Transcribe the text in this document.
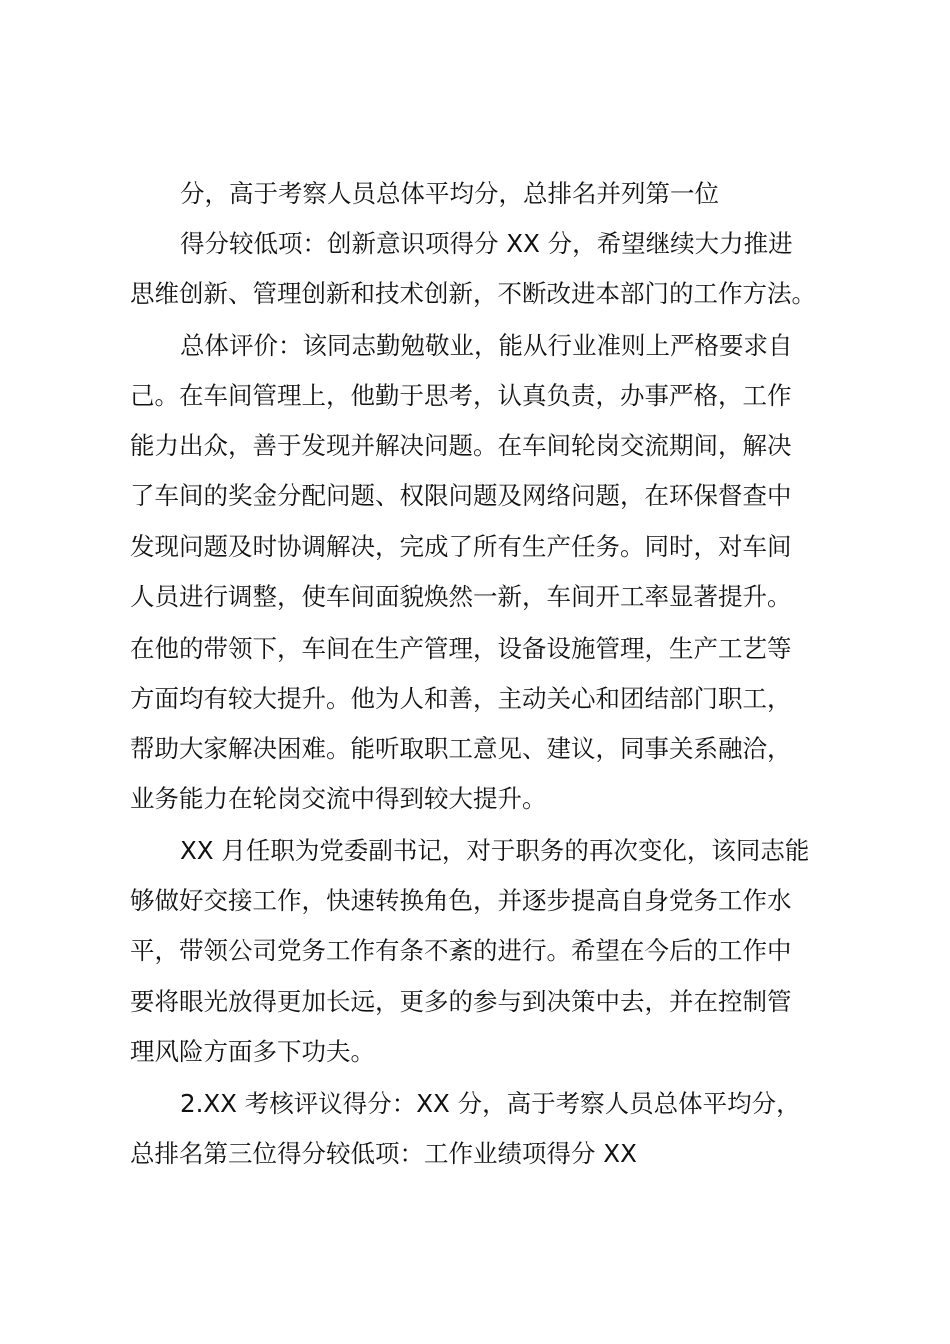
分，高于考察人员总体平均分，总排名并列第一位
得分较低项：创新意识项得分 XX 分，希望继续大力推进
思维创新、管理创新和技术创新，不断改进本部门的工作方法。
总体评价：该同志勤勉敬业，能从行业准则上严格要求自
己。在车间管理上，他勤于思考，认真负责，办事严格，工作
能力出众，善于发现并解决问题。在车间轮岗交流期间，解决
了车间的奖金分配问题、权限问题及网络问题，在环保督查中
发现问题及时协调解决，完成了所有生产任务。同时，对车间
人员进行调整，使车间面貌焕然一新，车间开工率显著提升。
在他的带领下，车间在生产管理，设备设施管理，生产工艺等
方面均有较大提升。他为人和善，主动关心和团结部门职工，
帮助大家解决困难。能听取职工意见、建议，同事关系融洽，
业务能力在轮岗交流中得到较大提升。
XX 月任职为党委副书记，对于职务的再次变化，该同志能
够做好交接工作，快速转换角色，并逐步提高自身党务工作水
平，带领公司党务工作有条不紊的进行。希望在今后的工作中
要将眼光放得更加长远，更多的参与到决策中去，并在控制管
理风险方面多下功夫。
2.XX 考核评议得分：XX 分，高于考察人员总体平均分，
总排名第三位得分较低项：工作业绩项得分 XX
